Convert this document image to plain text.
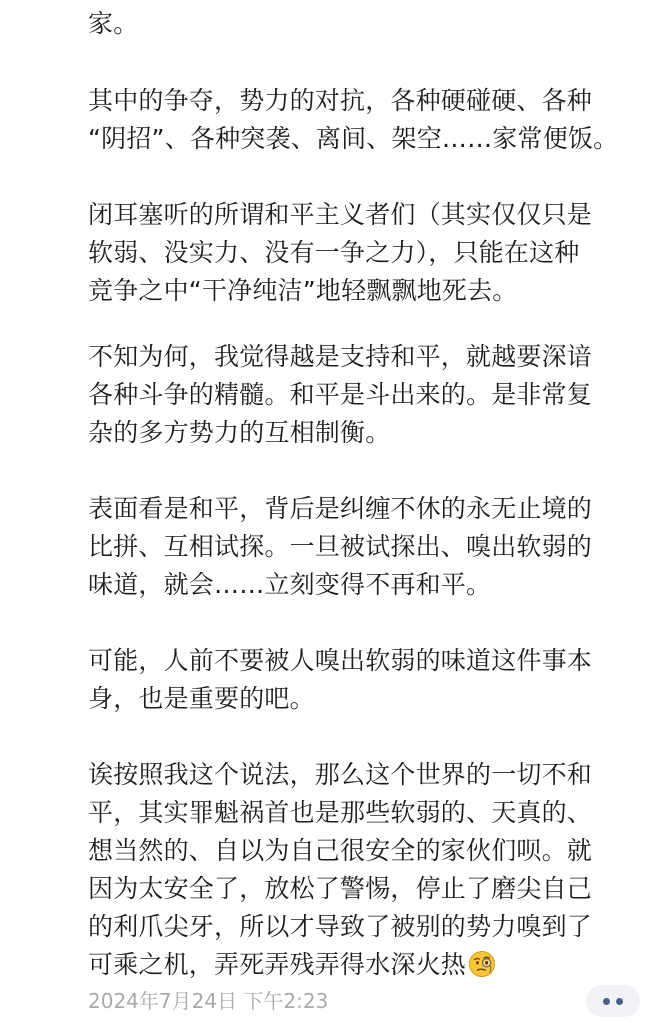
家。
其中的争夺，势力的对抗，各种硬碰硬、各种
“阴招”、各种突袭、离间、架空……家常便饭。
闭耳塞听的所谓和平主义者们（其实仅仅只是
软弱、没实力、没有一争之力），只能在这种
竞争之中“干净纯洁”地轻飘飘地死去。
不知为何，我觉得越是支持和平，就越要深谙
各种斗争的精髓。和平是斗出来的。是非常复
杂的多方势力的互相制衡。
表面看是和平，背后是纠缠不休的永无止境的
比拼、互相试探。一旦被试探出、嗅出软弱的
味道，就会……立刻变得不再和平。
可能，人前不要被人嗅出软弱的味道这件事本
身，也是重要的吧。
诶按照我这个说法，那么这个世界的一切不和
平，其实罪魁祸首也是那些软弱的、天真的、
想当然的、自以为自己很安全的家伙们呗。就
因为太安全了，放松了警惕，停止了磨尖自己
的利爪尖牙，所以才导致了被别的势力嗅到了
可乘之机，弄死弄残弄得水深火热
2024年7月24日 下午2:23
